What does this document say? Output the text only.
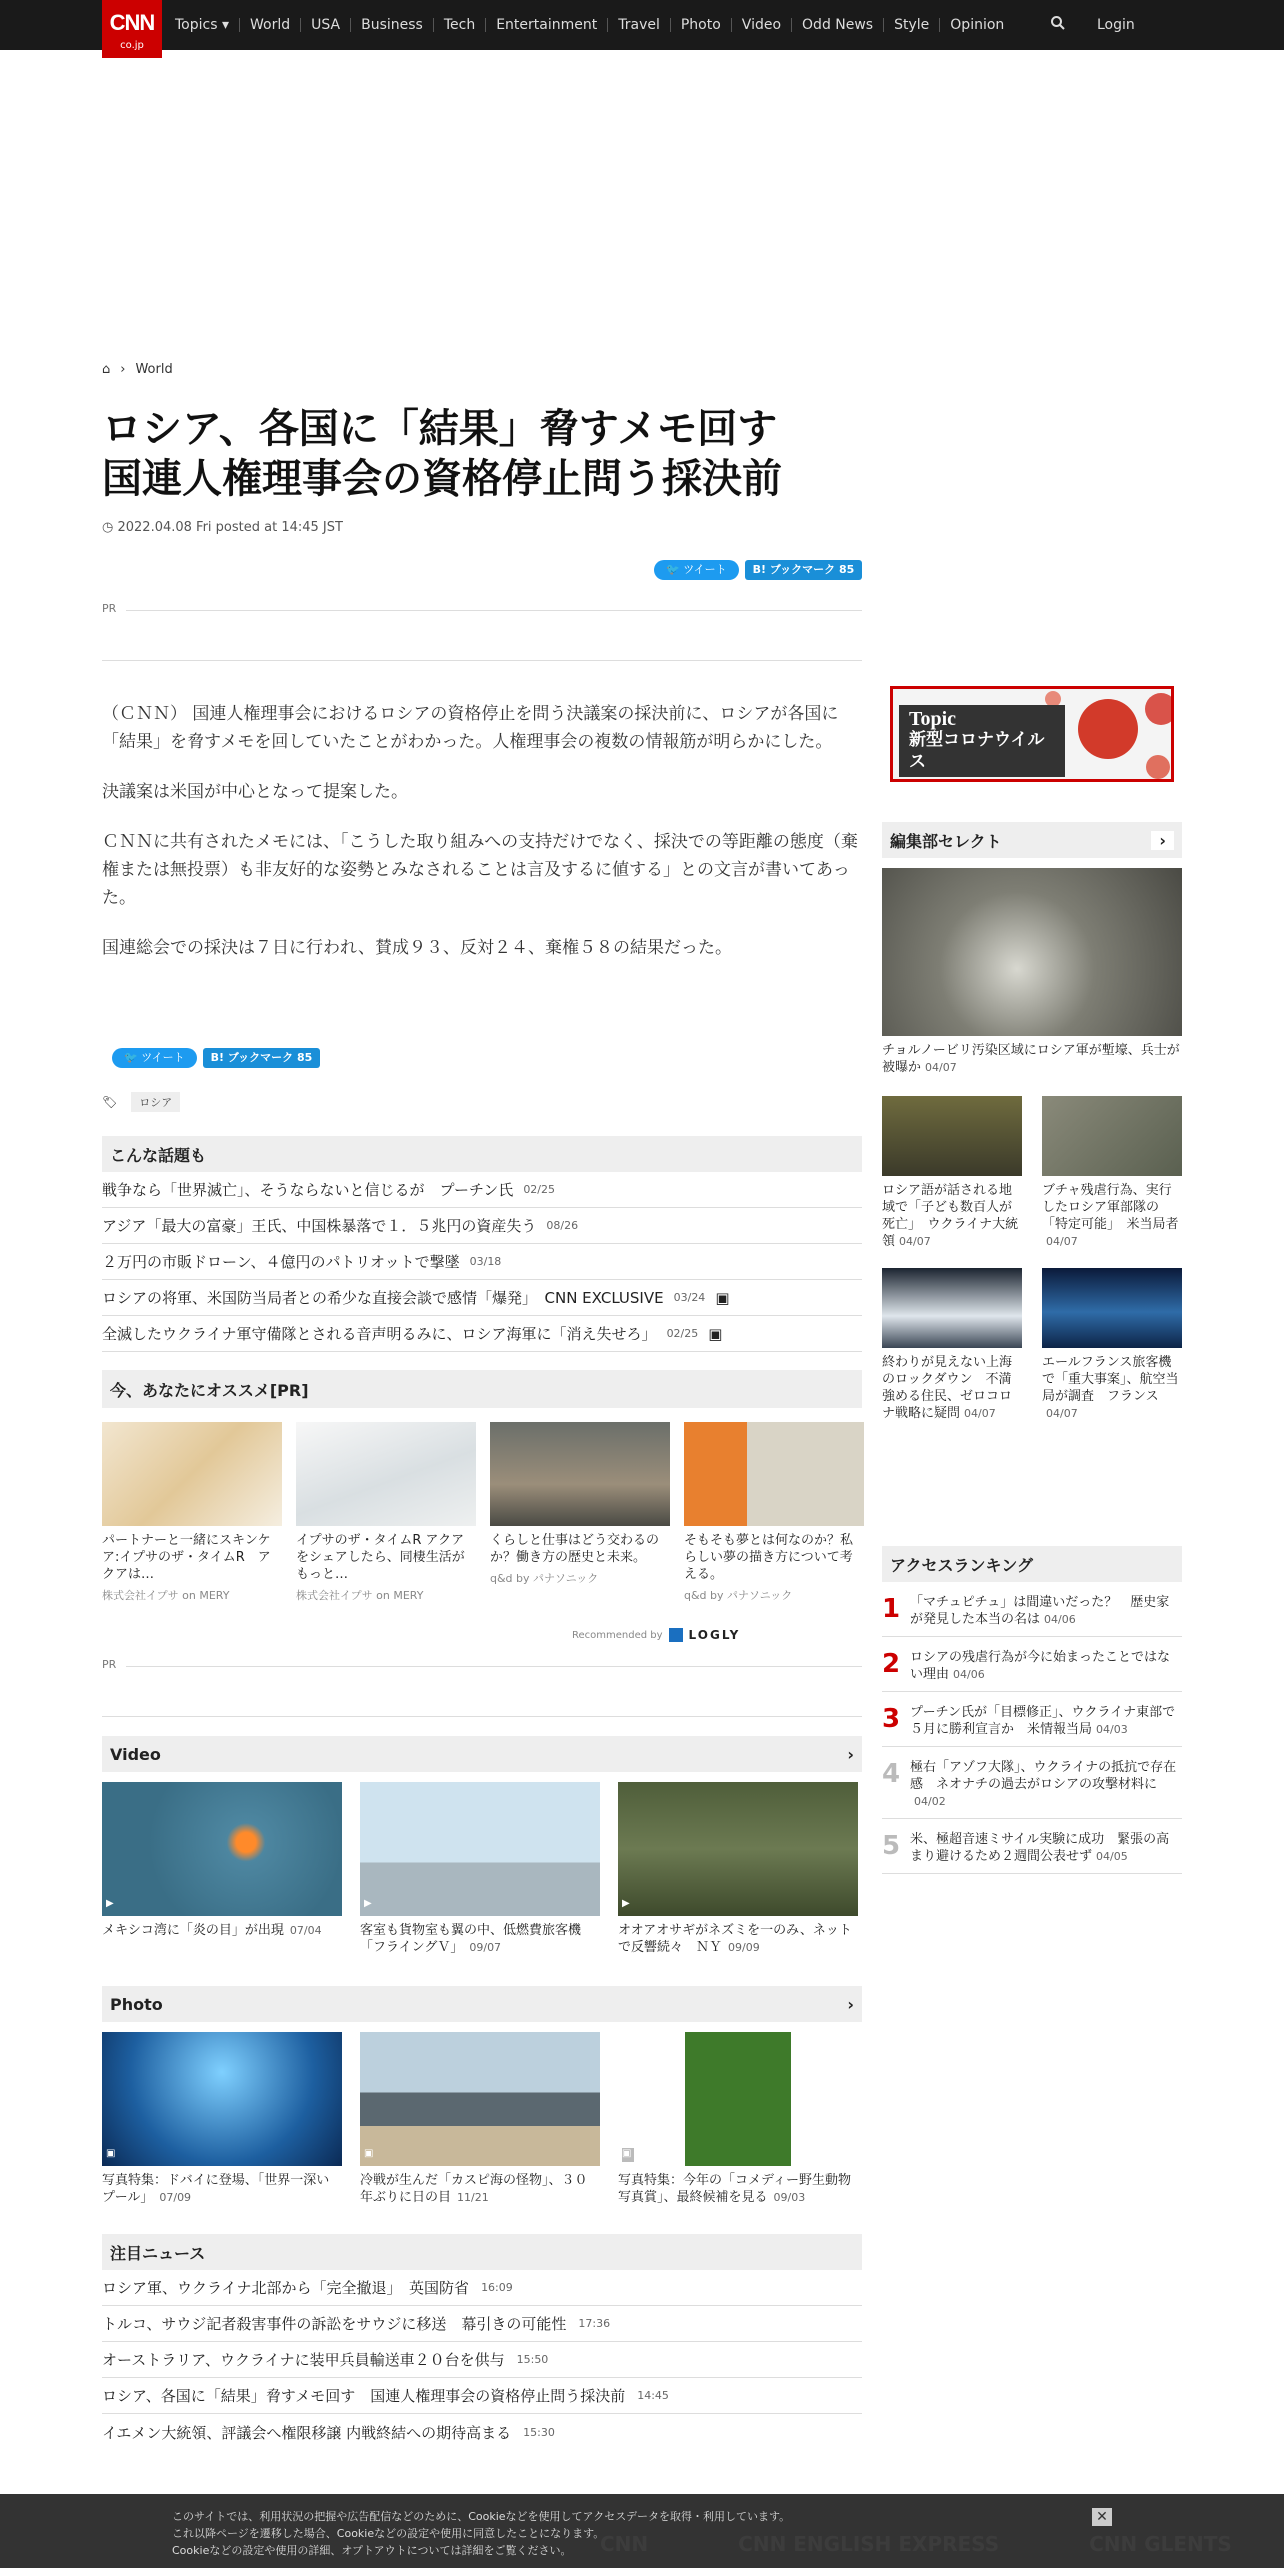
CNN
co.jp
Topics ▾	World	USA	Business	Tech	Entertainment	Travel	Photo	Video	Odd News	Style	Opinion	Login
⌂ › World
ロシア、各国に「結果」脅すメモ回す
国連人権理事会の資格停止問う採決前
◷ 2022.04.08 Fri posted at 14:45 JST
🐦 ツイート	B! ブックマーク 85
PR

（ＣＮＮ） 国連人権理事会におけるロシアの資格停止を問う決議案の採決前に、ロシアが各国に「結果」を脅すメモを回していたことがわかった。人権理事会の複数の情報筋が明らかにした。

決議案は米国が中心となって提案した。

ＣＮＮに共有されたメモには、「こうした取り組みへの支持だけでなく、採決での等距離の態度（棄権または無投票）も非友好的な姿勢とみなされることは言及するに値する」との文言が書いてあった。

国連総会での採決は７日に行われ、賛成９３、反対２４、棄権５８の結果だった。

🐦 ツイート	B! ブックマーク 85
🏷	ロシア
こんな話題も
戦争なら「世界滅亡」、そうならないと信じるが　プーチン氏 02/25
アジア「最大の富豪」王氏、中国株暴落で１．５兆円の資産失う 08/26
２万円の市販ドローン、４億円のパトリオットで撃墜 03/18
ロシアの将軍、米国防当局者との希少な直接会談で感情「爆発」　CNN EXCLUSIVE 03/24 ▣
全滅したウクライナ軍守備隊とされる音声明るみに、ロシア海軍に「消え失せろ」 02/25 ▣
今、あなたにオススメ[PR]
パートナーと一緒にスキンケア:イプサのザ・タイムR　アクアは…
株式会社イプサ on MERY
イプサのザ・タイムR アクアをシェアしたら、同棲生活がもっと…
株式会社イプサ on MERY
くらしと仕事はどう交わるのか？働き方の歴史と未来。
q&d by パナソニック
そもそも夢とは何なのか？私らしい夢の描き方について考える。
q&d by パナソニック
Recommended by LOGLY
PR
Video	›
▶
メキシコ湾に「炎の目」が出現 07/04
▶
客室も貨物室も翼の中、低燃費旅客機「フライングＶ」 09/07
▶
オオアオサギがネズミを一のみ、ネットで反響続々　ＮＹ 09/09
Photo	›
▣
写真特集：ドバイに登場、「世界一深いプール」 07/09
▣
冷戦が生んだ「カスピ海の怪物」、３０年ぶりに日の目 11/21
▣
写真特集：今年の「コメディー野生動物写真賞」、最終候補を見る 09/03
注目ニュース
ロシア軍、ウクライナ北部から「完全撤退」　英国防省 16:09
トルコ、サウジ記者殺害事件の訴訟をサウジに移送　幕引きの可能性 17:36
オーストラリア、ウクライナに装甲兵員輸送車２０台を供与 15:50
ロシア、各国に「結果」脅すメモ回す　国連人権理事会の資格停止問う採決前 14:45
イエメン大統領、評議会へ権限移譲 内戦終結への期待高まる 15:30
Topic
新型コロナウイルス
編集部セレクト	›
チョルノービリ汚染区域にロシア軍が塹壕、兵士が被曝か 04/07
ロシア語が話される地域で「子ども数百人が死亡」　ウクライナ大統領 04/07
ブチャ残虐行為、実行したロシア軍部隊の「特定可能」　米当局者04/07
終わりが見えない上海のロックダウン　不満強める住民、ゼロコロナ戦略に疑問 04/07
エールフランス旅客機で「重大事案」、航空当局が調査　フランス04/07
アクセスランキング
1 「マチュピチュ」は間違いだった？　歴史家が発見した本当の名は 04/06
2 ロシアの残虐行為が今に始まったことではない理由 04/06
3 プーチン氏が「目標修正」、ウクライナ東部で５月に勝利宣言か　米情報当局 04/03
4 極右「アゾフ大隊」、ウクライナの抵抗で存在感　ネオナチの過去がロシアの攻撃材料に04/02
5 米、極超音速ミサイル実験に成功　緊張の高まり避けるため２週間公表せず 04/05
CNN	CNN ENGLISH EXPRESS	CNN GLENTS
このサイトでは、利用状況の把握や広告配信などのために、Cookieなどを使用してアクセスデータを取得・利用しています。
これ以降ページを遷移した場合、Cookieなどの設定や使用に同意したことになります。
Cookieなどの設定や使用の詳細、オプトアウトについては詳細をご覧ください。
✕
